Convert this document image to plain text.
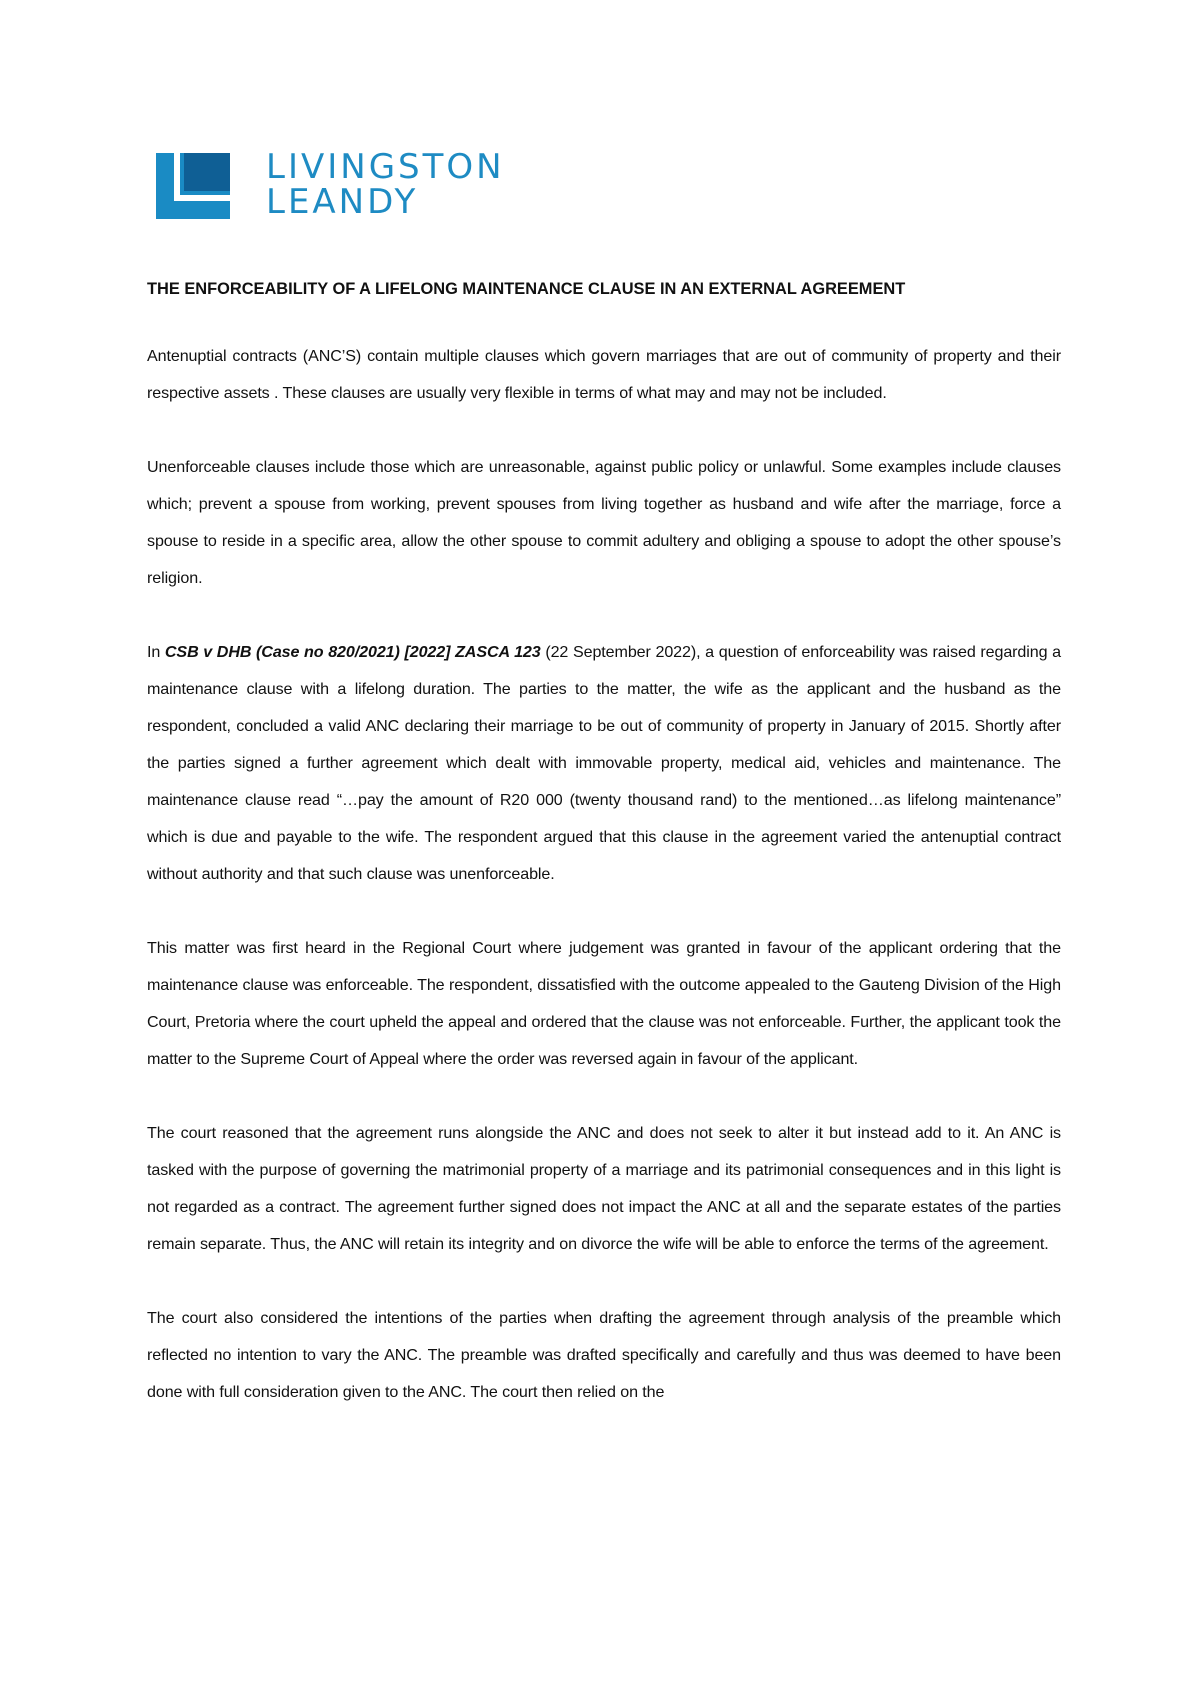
LIVINGSTON
LEANDY
THE ENFORCEABILITY OF A LIFELONG MAINTENANCE CLAUSE IN AN EXTERNAL AGREEMENT

Antenuptial contracts (ANC’S) contain multiple clauses which govern marriages that are out of community of property and their respective assets . These clauses are usually very flexible in terms of what may and may not be included.

Unenforceable clauses include those which are unreasonable, against public policy or unlawful. Some examples include clauses which; prevent a spouse from working, prevent spouses from living together as husband and wife after the marriage, force a spouse to reside in a specific area, allow the other spouse to commit adultery and obliging a spouse to adopt the other spouse’s religion.

In CSB v DHB (Case no 820/2021) [2022] ZASCA 123 (22 September 2022), a question of enforceability was raised regarding a maintenance clause with a lifelong duration. The parties to the matter, the wife as the applicant and the husband as the respondent, concluded a valid ANC declaring their marriage to be out of community of property in January of 2015. Shortly after the parties signed a further agreement which dealt with immovable property, medical aid, vehicles and maintenance. The maintenance clause read “…pay the amount of R20 000 (twenty thousand rand) to the mentioned…as lifelong maintenance” which is due and payable to the wife. The respondent argued that this clause in the agreement varied the antenuptial contract without authority and that such clause was unenforceable.

This matter was first heard in the Regional Court where judgement was granted in favour of the applicant ordering that the maintenance clause was enforceable. The respondent, dissatisfied with the outcome appealed to the Gauteng Division of the High Court, Pretoria where the court upheld the appeal and ordered that the clause was not enforceable. Further, the applicant took the matter to the Supreme Court of Appeal where the order was reversed again in favour of the applicant.

The court reasoned that the agreement runs alongside the ANC and does not seek to alter it but instead add to it. An ANC is tasked with the purpose of governing the matrimonial property of a marriage and its patrimonial consequences and in this light is not regarded as a contract. The agreement further signed does not impact the ANC at all and the separate estates of the parties remain separate. Thus, the ANC will retain its integrity and on divorce the wife will be able to enforce the terms of the agreement.

The court also considered the intentions of the parties when drafting the agreement through analysis of the preamble which reflected no intention to vary the ANC. The preamble was drafted specifically and carefully and thus was deemed to have been done with full consideration given to the ANC. The court then relied on the
